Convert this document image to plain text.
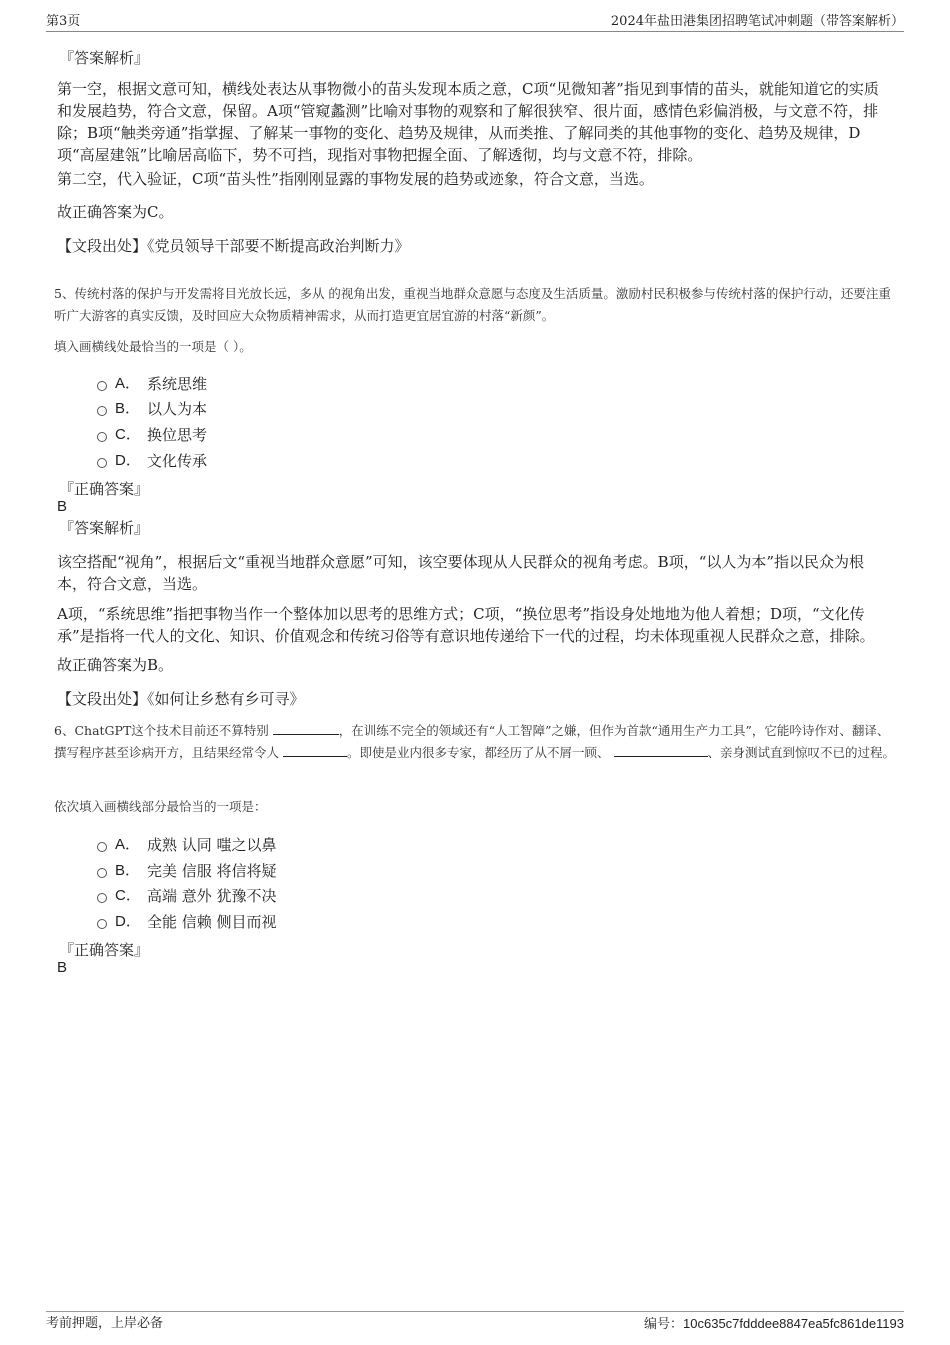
第3页	2024年盐田港集团招聘笔试冲刺题（带答案解析）
『答案解析』
第一空，根据文意可知，横线处表达从事物微小的苗头发现本质之意，C项“见微知著”指见到事情的苗头，就能知道它的实质和发展趋势，符合文意，保留。A项“管窥蠡测”比喻对事物的观察和了解很狭窄、很片面，感情色彩偏消极，与文意不符，排除；B项“触类旁通”指掌握、了解某一事物的变化、趋势及规律，从而类推、了解同类的其他事物的变化、趋势及规律，D项“高屋建瓴”比喻居高临下，势不可挡，现指对事物把握全面、了解透彻，均与文意不符，排除。
第二空，代入验证，C项“苗头性”指刚刚显露的事物发展的趋势或迹象，符合文意，当选。
故正确答案为C。
【文段出处】《党员领导干部要不断提高政治判断力》
5、传统村落的保护与开发需将目光放长远，多从 的视角出发，重视当地群众意愿与态度及生活质量。激励村民积极参与传统村落的保护行动，还要注重听广大游客的真实反馈，及时回应大众物质精神需求，从而打造更宜居宜游的村落“新颜”。
填入画横线处最恰当的一项是（ ）。
A． 系统思维
B． 以人为本
C． 换位思考
D． 文化传承
『正确答案』
B
『答案解析』
该空搭配“视角”，根据后文“重视当地群众意愿”可知，该空要体现从人民群众的视角考虑。B项，“以人为本”指以民众为根本，符合文意，当选。
A项，“系统思维”指把事物当作一个整体加以思考的思维方式；C项，“换位思考”指设身处地地为他人着想；D项，“文化传承”是指将一代人的文化、知识、价值观念和传统习俗等有意识地传递给下一代的过程，均未体现重视人民群众之意，排除。
故正确答案为B。
【文段出处】《如何让乡愁有乡可寻》
6、ChatGPT这个技术目前还不算特别	，在训练不完全的领域还有“人工智障”之嫌，但作为首款“通用生产力工具”，它能吟诗作对、翻译、撰写程序甚至诊病开方，且结果经常令人	。即使是业内很多专家，都经历了从不屑一顾、	、亲身测试直到惊叹不已的过程。
依次填入画横线部分最恰当的一项是：
A． 成熟 认同 嗤之以鼻
B． 完美 信服 将信将疑
C． 高端 意外 犹豫不决
D． 全能 信赖 侧目而视
『正确答案』
B
考前押题，上岸必备	编号：10c635c7fdddee8847ea5fc861de1193
